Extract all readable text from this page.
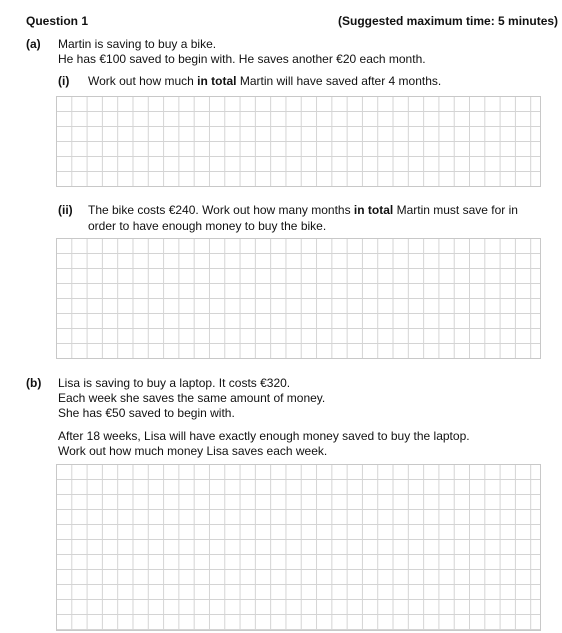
Question 1	(Suggested maximum time: 5 minutes)
(a) Martin is saving to buy a bike.
He has €100 saved to begin with. He saves another €20 each month.
(i) Work out how much in total Martin will have saved after 4 months.
(ii) The bike costs €240. Work out how many months in total Martin must save for in
order to have enough money to buy the bike.
(b) Lisa is saving to buy a laptop. It costs €320.
Each week she saves the same amount of money.
She has €50 saved to begin with.
After 18 weeks, Lisa will have exactly enough money saved to buy the laptop.
Work out how much money Lisa saves each week.
